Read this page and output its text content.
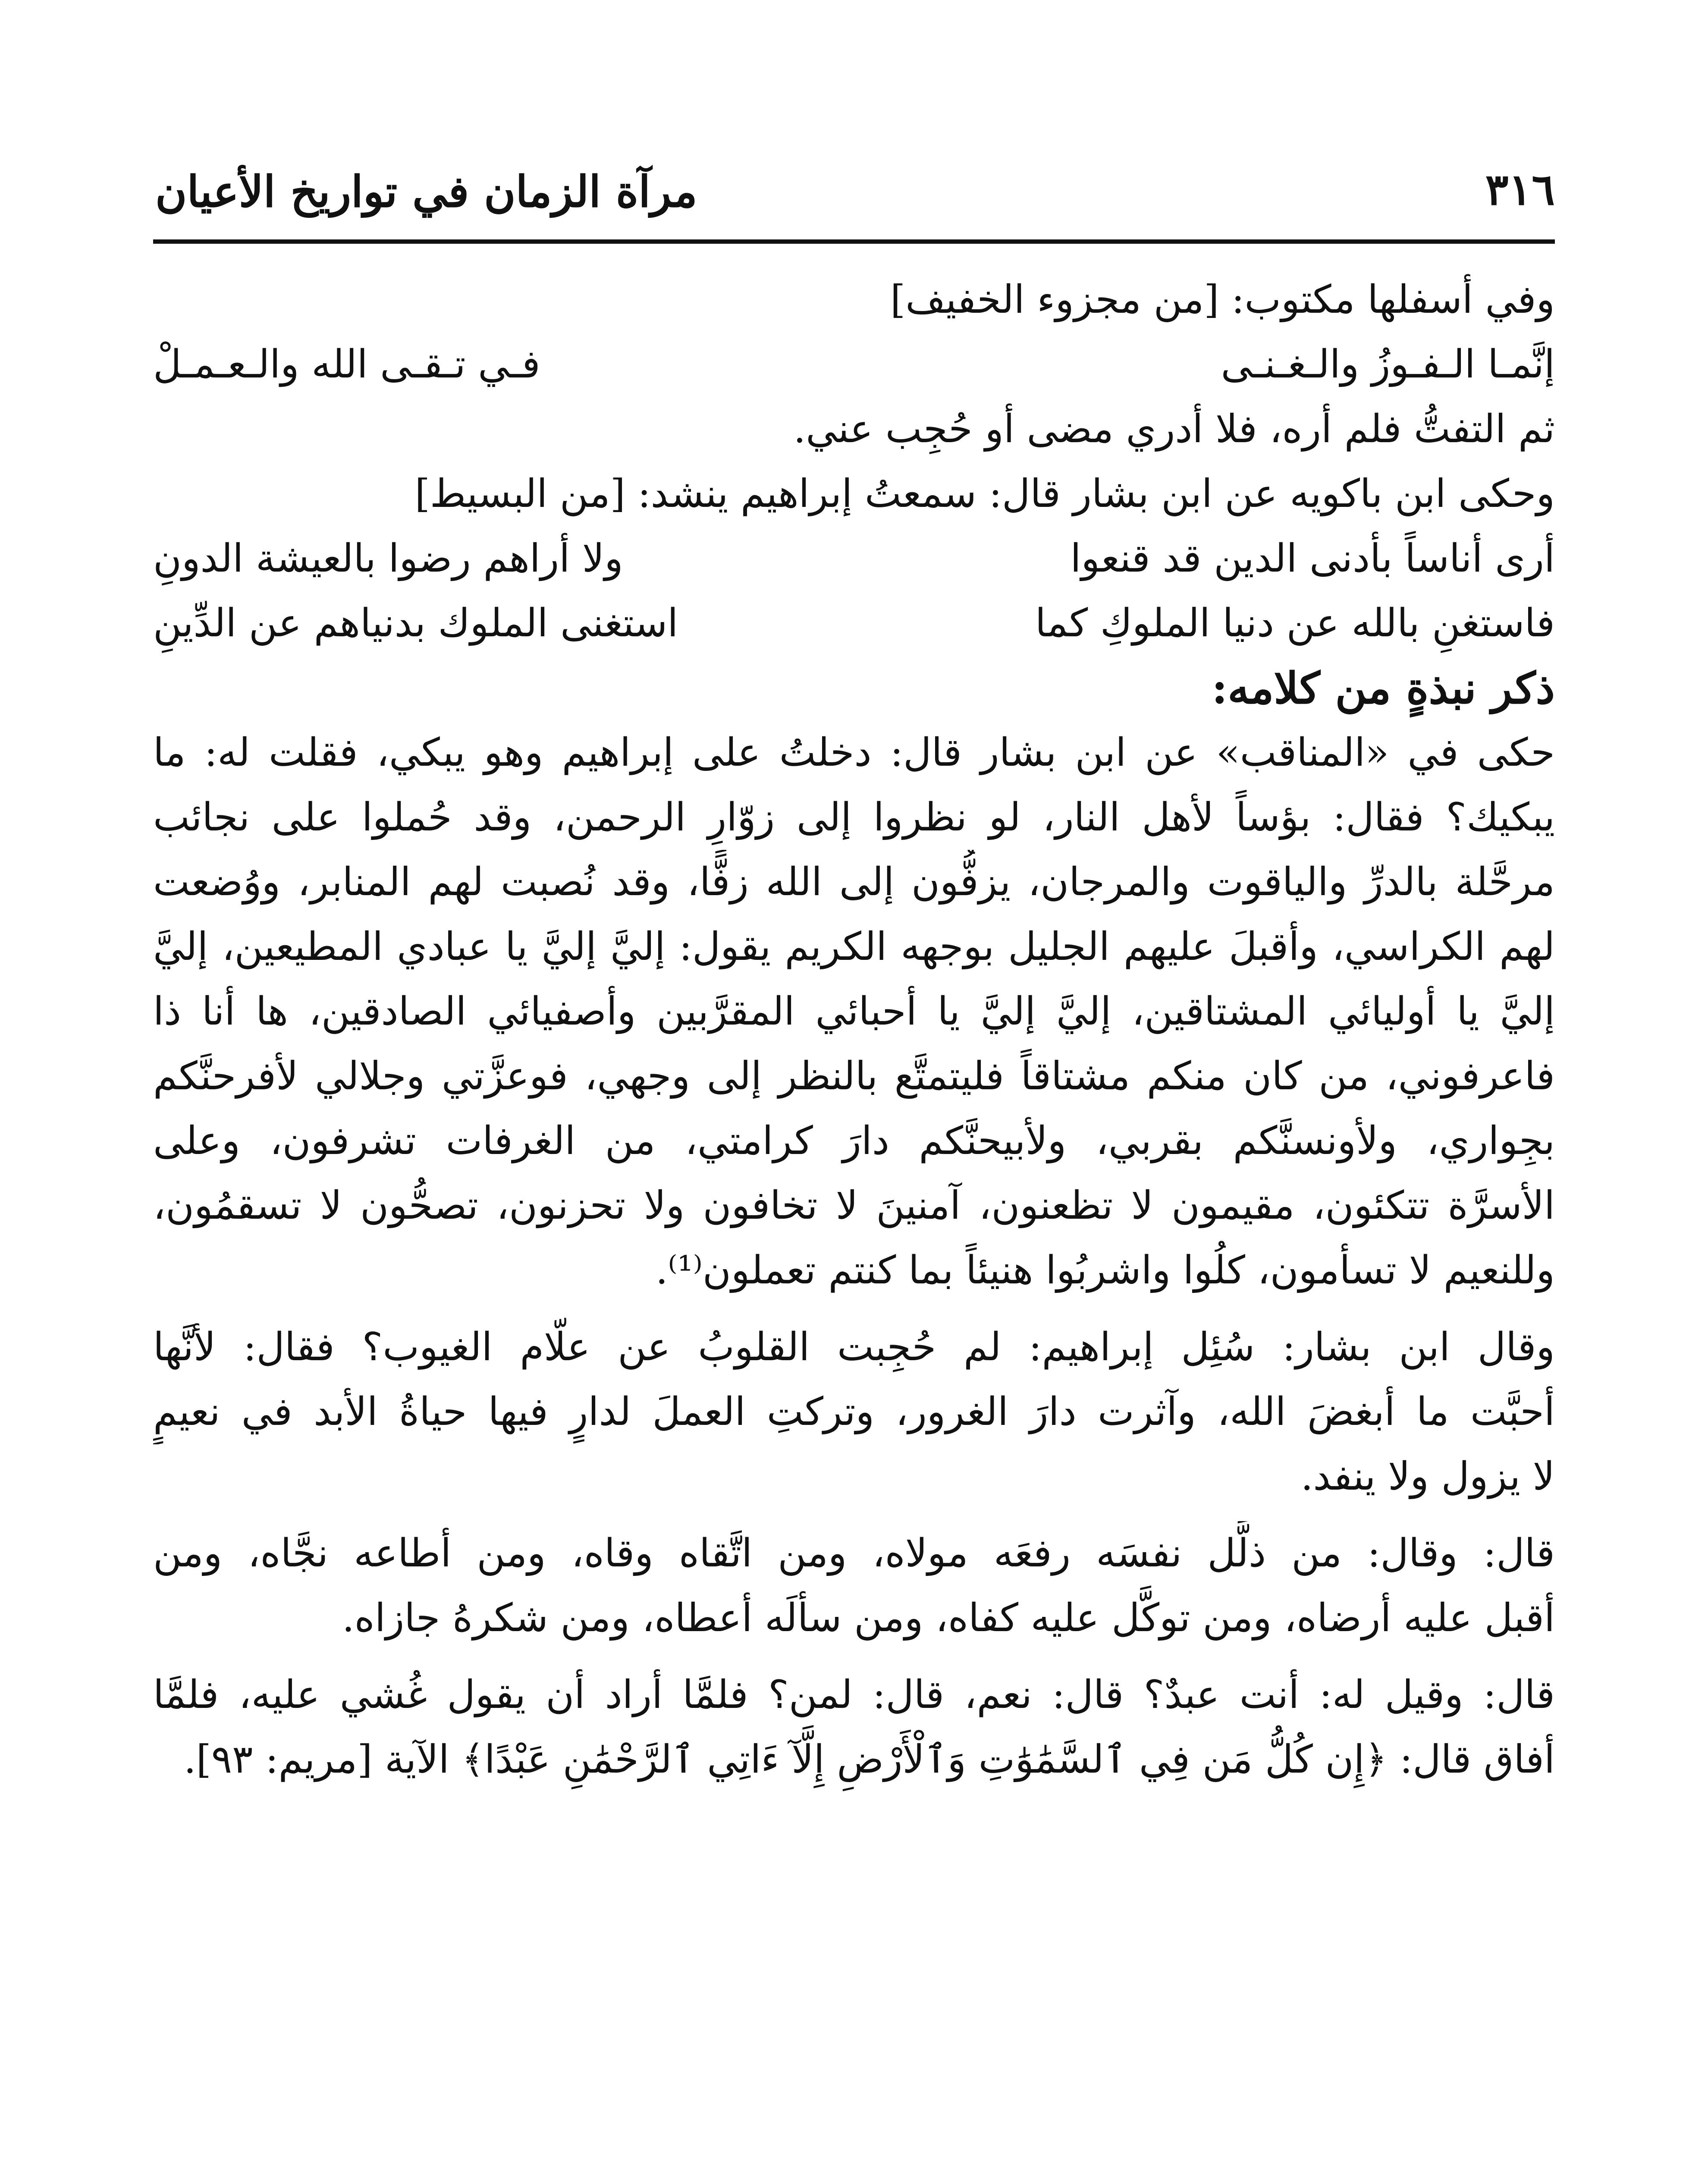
٣١٦
مرآة الزمان في تواريخ الأعيان
وفي أسفلها مكتوب: [من مجزوء الخفيف]
إنَّمـا الـفـوزُ والـغـنـى
فـي تـقـى الله والـعـمـلْ
ثم التفتُّ فلم أره، فلا أدري مضى أو حُجِب عني.
وحكى ابن باكويه عن ابن بشار قال: سمعتُ إبراهيم ينشد: [من البسيط]
أرى أناساً بأدنى الدين قد قنعوا
ولا أراهم رضوا بالعيشة الدونِ
فاستغنِ بالله عن دنيا الملوكِ كما
استغنى الملوك بدنياهم عن الدِّينِ
ذكر نبذةٍ من كلامه:
حكى في «المناقب» عن ابن بشار قال: دخلتُ على إبراهيم وهو يبكي، فقلت له: ما
يبكيك؟ فقال: بؤساً لأهل النار، لو نظروا إلى زوّارِ الرحمن، وقد حُملوا على نجائب
مرحَّلة بالدرِّ والياقوت والمرجان، يزفُّون إلى الله زفًّا، وقد نُصبت لهم المنابر، ووُضعت
لهم الكراسي، وأقبلَ عليهم الجليل بوجهه الكريم يقول: إليَّ إليَّ يا عبادي المطيعين، إليَّ
إليَّ يا أوليائي المشتاقين، إليَّ إليَّ يا أحبائي المقرَّبين وأصفيائي الصادقين، ها أنا ذا
فاعرفوني، من كان منكم مشتاقاً فليتمتَّع بالنظر إلى وجهي، فوعزَّتي وجلالي لأفرحنَّكم
بجِواري، ولأونسنَّكم بقربي، ولأبيحنَّكم دارَ كرامتي، من الغرفات تشرفون، وعلى
الأسرَّة تتكئون، مقيمون لا تظعنون، آمنينَ لا تخافون ولا تحزنون، تصحُّون لا تسقمُون،
وللنعيم لا تسأمون، كلُوا واشربُوا هنيئاً بما كنتم تعملون⁽¹⁾.
وقال ابن بشار: سُئِل إبراهيم: لم حُجِبت القلوبُ عن علّام الغيوب؟ فقال: لأنَّها
أحبَّت ما أبغضَ الله، وآثرت دارَ الغرور، وتركتِ العملَ لدارٍ فيها حياةُ الأبد في نعيمٍ
لا يزول ولا ينفد.
قال: وقال: من ذلَّل نفسَه رفعَه مولاه، ومن اتَّقاه وقاه، ومن أطاعه نجَّاه، ومن
أقبل عليه أرضاه، ومن توكَّل عليه كفاه، ومن سألَه أعطاه، ومن شكرهُ جازاه.
قال: وقيل له: أنت عبدٌ؟ قال: نعم، قال: لمن؟ فلمَّا أراد أن يقول غُشي عليه، فلمَّا
أفاق قال: ﴿إِن كُلُّ مَن فِي ٱلسَّمَٰوَٰتِ وَٱلْأَرْضِ إِلَّآ ءَاتِي ٱلرَّحْمَٰنِ عَبْدًا﴾ الآية [مريم: ٩٣].
